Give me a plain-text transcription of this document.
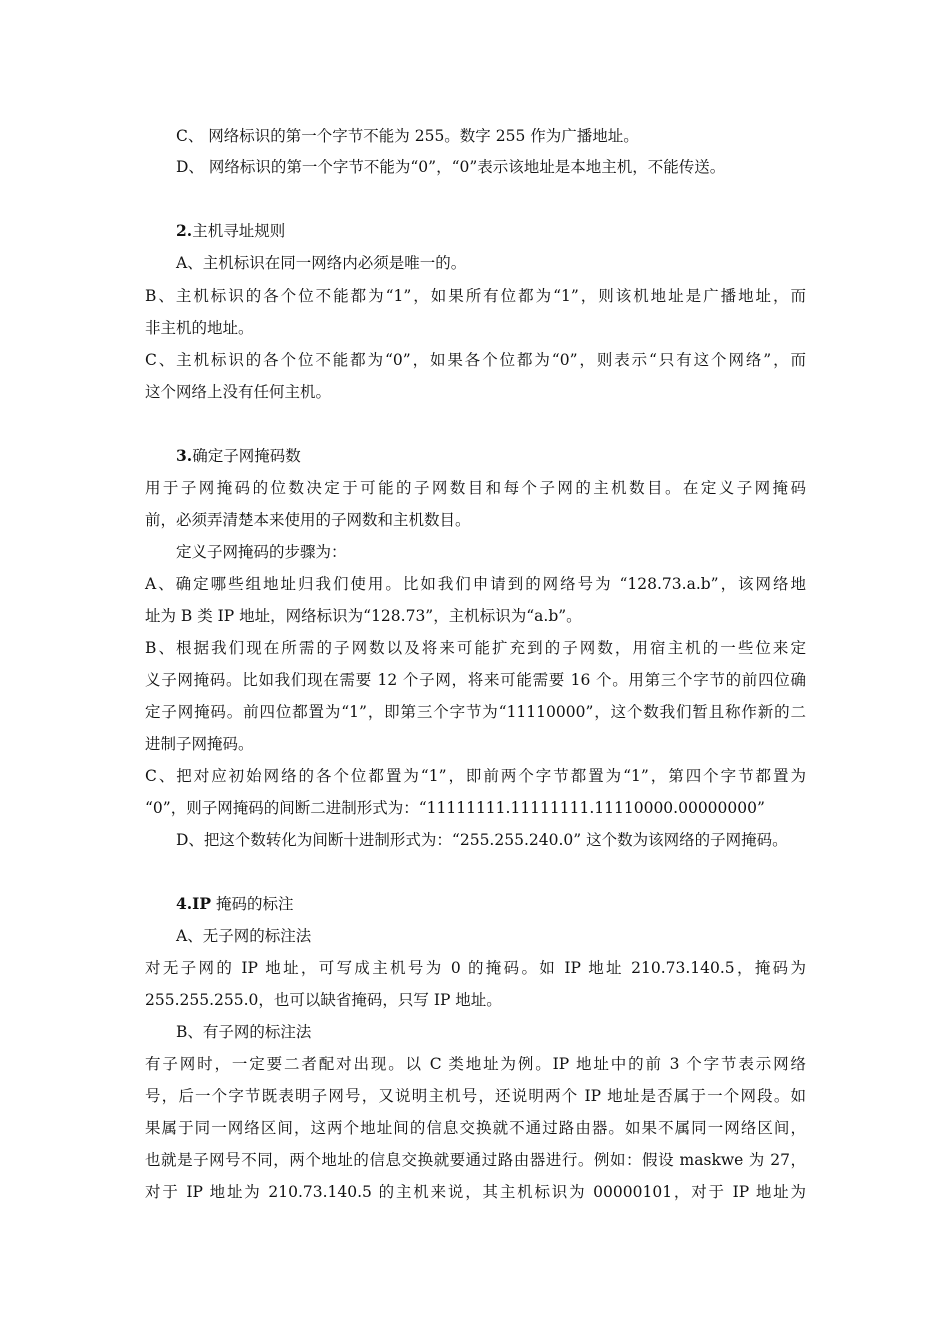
C、 网络标识的第一个字节不能为 255。数字 255 作为广播地址。
D、 网络标识的第一个字节不能为“0”，“0”表示该地址是本地主机，不能传送。
2.主机寻址规则
A、主机标识在同一网络内必须是唯一的。
B、主机标识的各个位不能都为“1”，如果所有位都为“1”，则该机地址是广播地址，而
非主机的地址。
C、主机标识的各个位不能都为“0”，如果各个位都为“0”，则表示“只有这个网络”，而
这个网络上没有任何主机。
3.确定子网掩码数
用于子网掩码的位数决定于可能的子网数目和每个子网的主机数目。在定义子网掩码
前，必须弄清楚本来使用的子网数和主机数目。
定义子网掩码的步骤为：
A、确定哪些组地址归我们使用。比如我们申请到的网络号为 “128.73.a.b”，该网络地
址为 B 类 IP 地址，网络标识为“128.73”，主机标识为“a.b”。
B、根据我们现在所需的子网数以及将来可能扩充到的子网数，用宿主机的一些位来定
义子网掩码。比如我们现在需要 12 个子网，将来可能需要 16 个。用第三个字节的前四位确
定子网掩码。前四位都置为“1”，即第三个字节为“11110000”，这个数我们暂且称作新的二
进制子网掩码。
C、把对应初始网络的各个位都置为“1”，即前两个字节都置为“1”，第四个字节都置为
“0”，则子网掩码的间断二进制形式为：“11111111.11111111.11110000.00000000”
D、把这个数转化为间断十进制形式为：“255.255.240.0” 这个数为该网络的子网掩码。
4.IP 掩码的标注
A、无子网的标注法
对无子网的 IP 地址，可写成主机号为 0 的掩码。如 IP 地址 210.73.140.5，掩码为
255.255.255.0，也可以缺省掩码，只写 IP 地址。
B、有子网的标注法
有子网时，一定要二者配对出现。以 C 类地址为例。IP 地址中的前 3 个字节表示网络
号，后一个字节既表明子网号，又说明主机号，还说明两个 IP 地址是否属于一个网段。如
果属于同一网络区间，这两个地址间的信息交换就不通过路由器。如果不属同一网络区间，
也就是子网号不同，两个地址的信息交换就要通过路由器进行。例如：假设 maskwe 为 27，
对于 IP 地址为 210.73.140.5 的主机来说，其主机标识为 00000101，对于 IP 地址为
